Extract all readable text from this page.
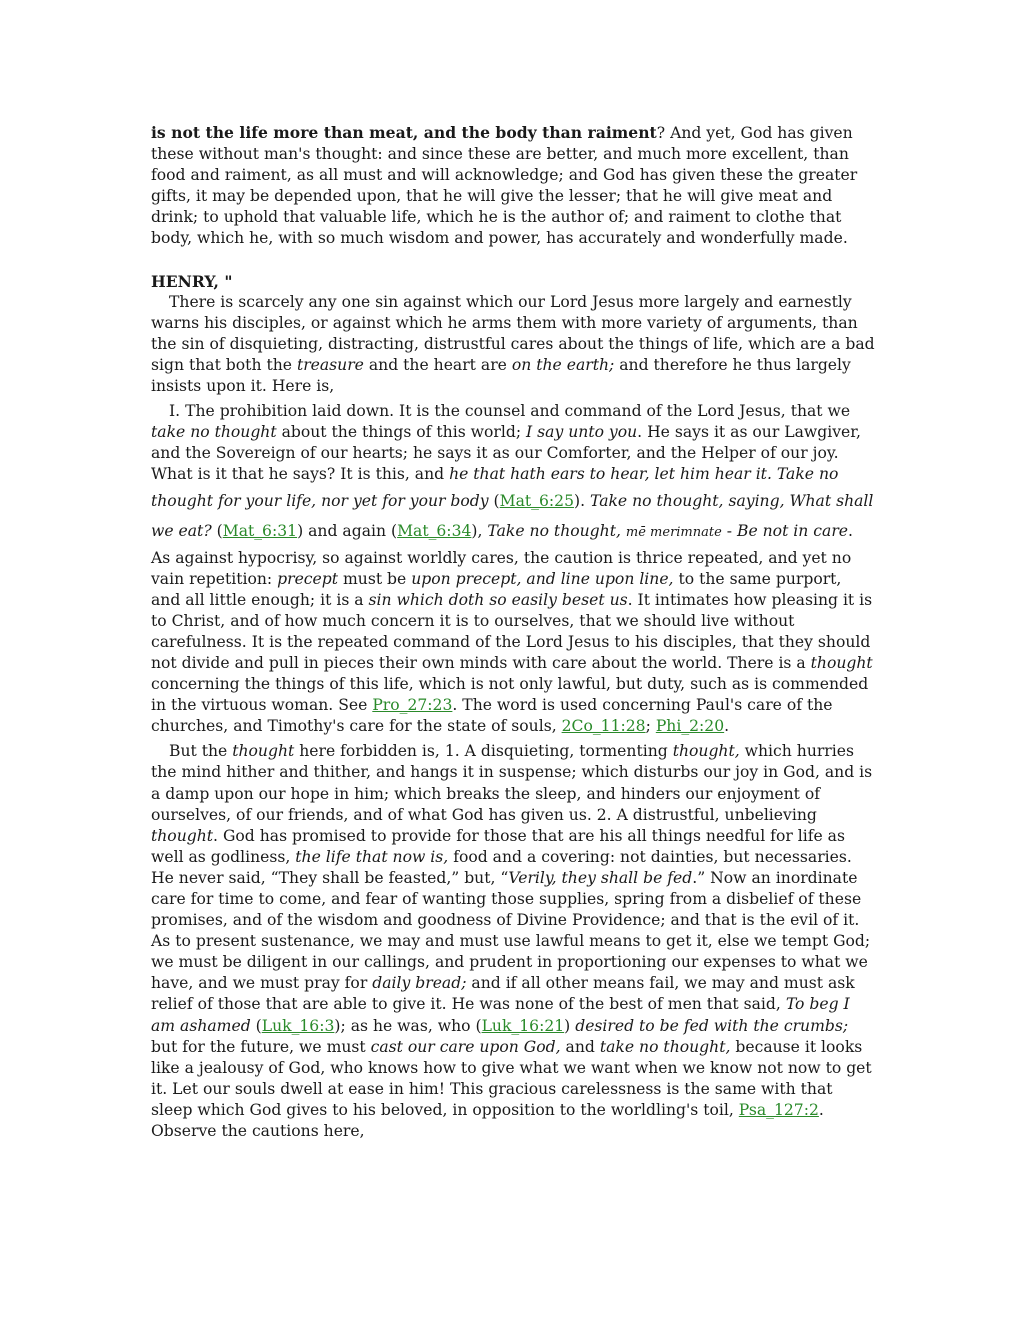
is not the life more than meat, and the body than raiment? And yet, God has given these without man's thought: and since these are better, and much more excellent, than food and raiment, as all must and will acknowledge; and God has given these the greater gifts, it may be depended upon, that he will give the lesser; that he will give meat and drink; to uphold that valuable life, which he is the author of; and raiment to clothe that body, which he, with so much wisdom and power, has accurately and wonderfully made.

HENRY, "

There is scarcely any one sin against which our Lord Jesus more largely and earnestly warns his disciples, or against which he arms them with more variety of arguments, than the sin of disquieting, distracting, distrustful cares about the things of life, which are a bad sign that both the treasure and the heart are on the earth; and therefore he thus largely insists upon it. Here is,

I. The prohibition laid down. It is the counsel and command of the Lord Jesus, that we take no thought about the things of this world; I say unto you. He says it as our Lawgiver, and the Sovereign of our hearts; he says it as our Comforter, and the Helper of our joy. What is it that he says? It is this, and he that hath ears to hear, let him hear it. Take no thought for your life, nor yet for your body (Mat_6:25). Take no thought, saying, What shall we eat? (Mat_6:31) and again (Mat_6:34), Take no thought, mē merimnate - Be not in care. As against hypocrisy, so against worldly cares, the caution is thrice repeated, and yet no vain repetition: precept must be upon precept, and line upon line, to the same purport, and all little enough; it is a sin which doth so easily beset us. It intimates how pleasing it is to Christ, and of how much concern it is to ourselves, that we should live without carefulness. It is the repeated command of the Lord Jesus to his disciples, that they should not divide and pull in pieces their own minds with care about the world. There is a thought concerning the things of this life, which is not only lawful, but duty, such as is commended in the virtuous woman. See Pro_27:23. The word is used concerning Paul's care of the churches, and Timothy's care for the state of souls, 2Co_11:28; Phi_2:20.

But the thought here forbidden is, 1. A disquieting, tormenting thought, which hurries the mind hither and thither, and hangs it in suspense; which disturbs our joy in God, and is a damp upon our hope in him; which breaks the sleep, and hinders our enjoyment of ourselves, of our friends, and of what God has given us. 2. A distrustful, unbelieving thought. God has promised to provide for those that are his all things needful for life as well as godliness, the life that now is, food and a covering: not dainties, but necessaries. He never said, “They shall be feasted,” but, “Verily, they shall be fed.” Now an inordinate care for time to come, and fear of wanting those supplies, spring from a disbelief of these promises, and of the wisdom and goodness of Divine Providence; and that is the evil of it. As to present sustenance, we may and must use lawful means to get it, else we tempt God; we must be diligent in our callings, and prudent in proportioning our expenses to what we have, and we must pray for daily bread; and if all other means fail, we may and must ask relief of those that are able to give it. He was none of the best of men that said, To beg I am ashamed (Luk_16:3); as he was, who (Luk_16:21) desired to be fed with the crumbs; but for the future, we must cast our care upon God, and take no thought, because it looks like a jealousy of God, who knows how to give what we want when we know not now to get it. Let our souls dwell at ease in him! This gracious carelessness is the same with that sleep which God gives to his beloved, in opposition to the worldling's toil, Psa_127:2. Observe the cautions here,
